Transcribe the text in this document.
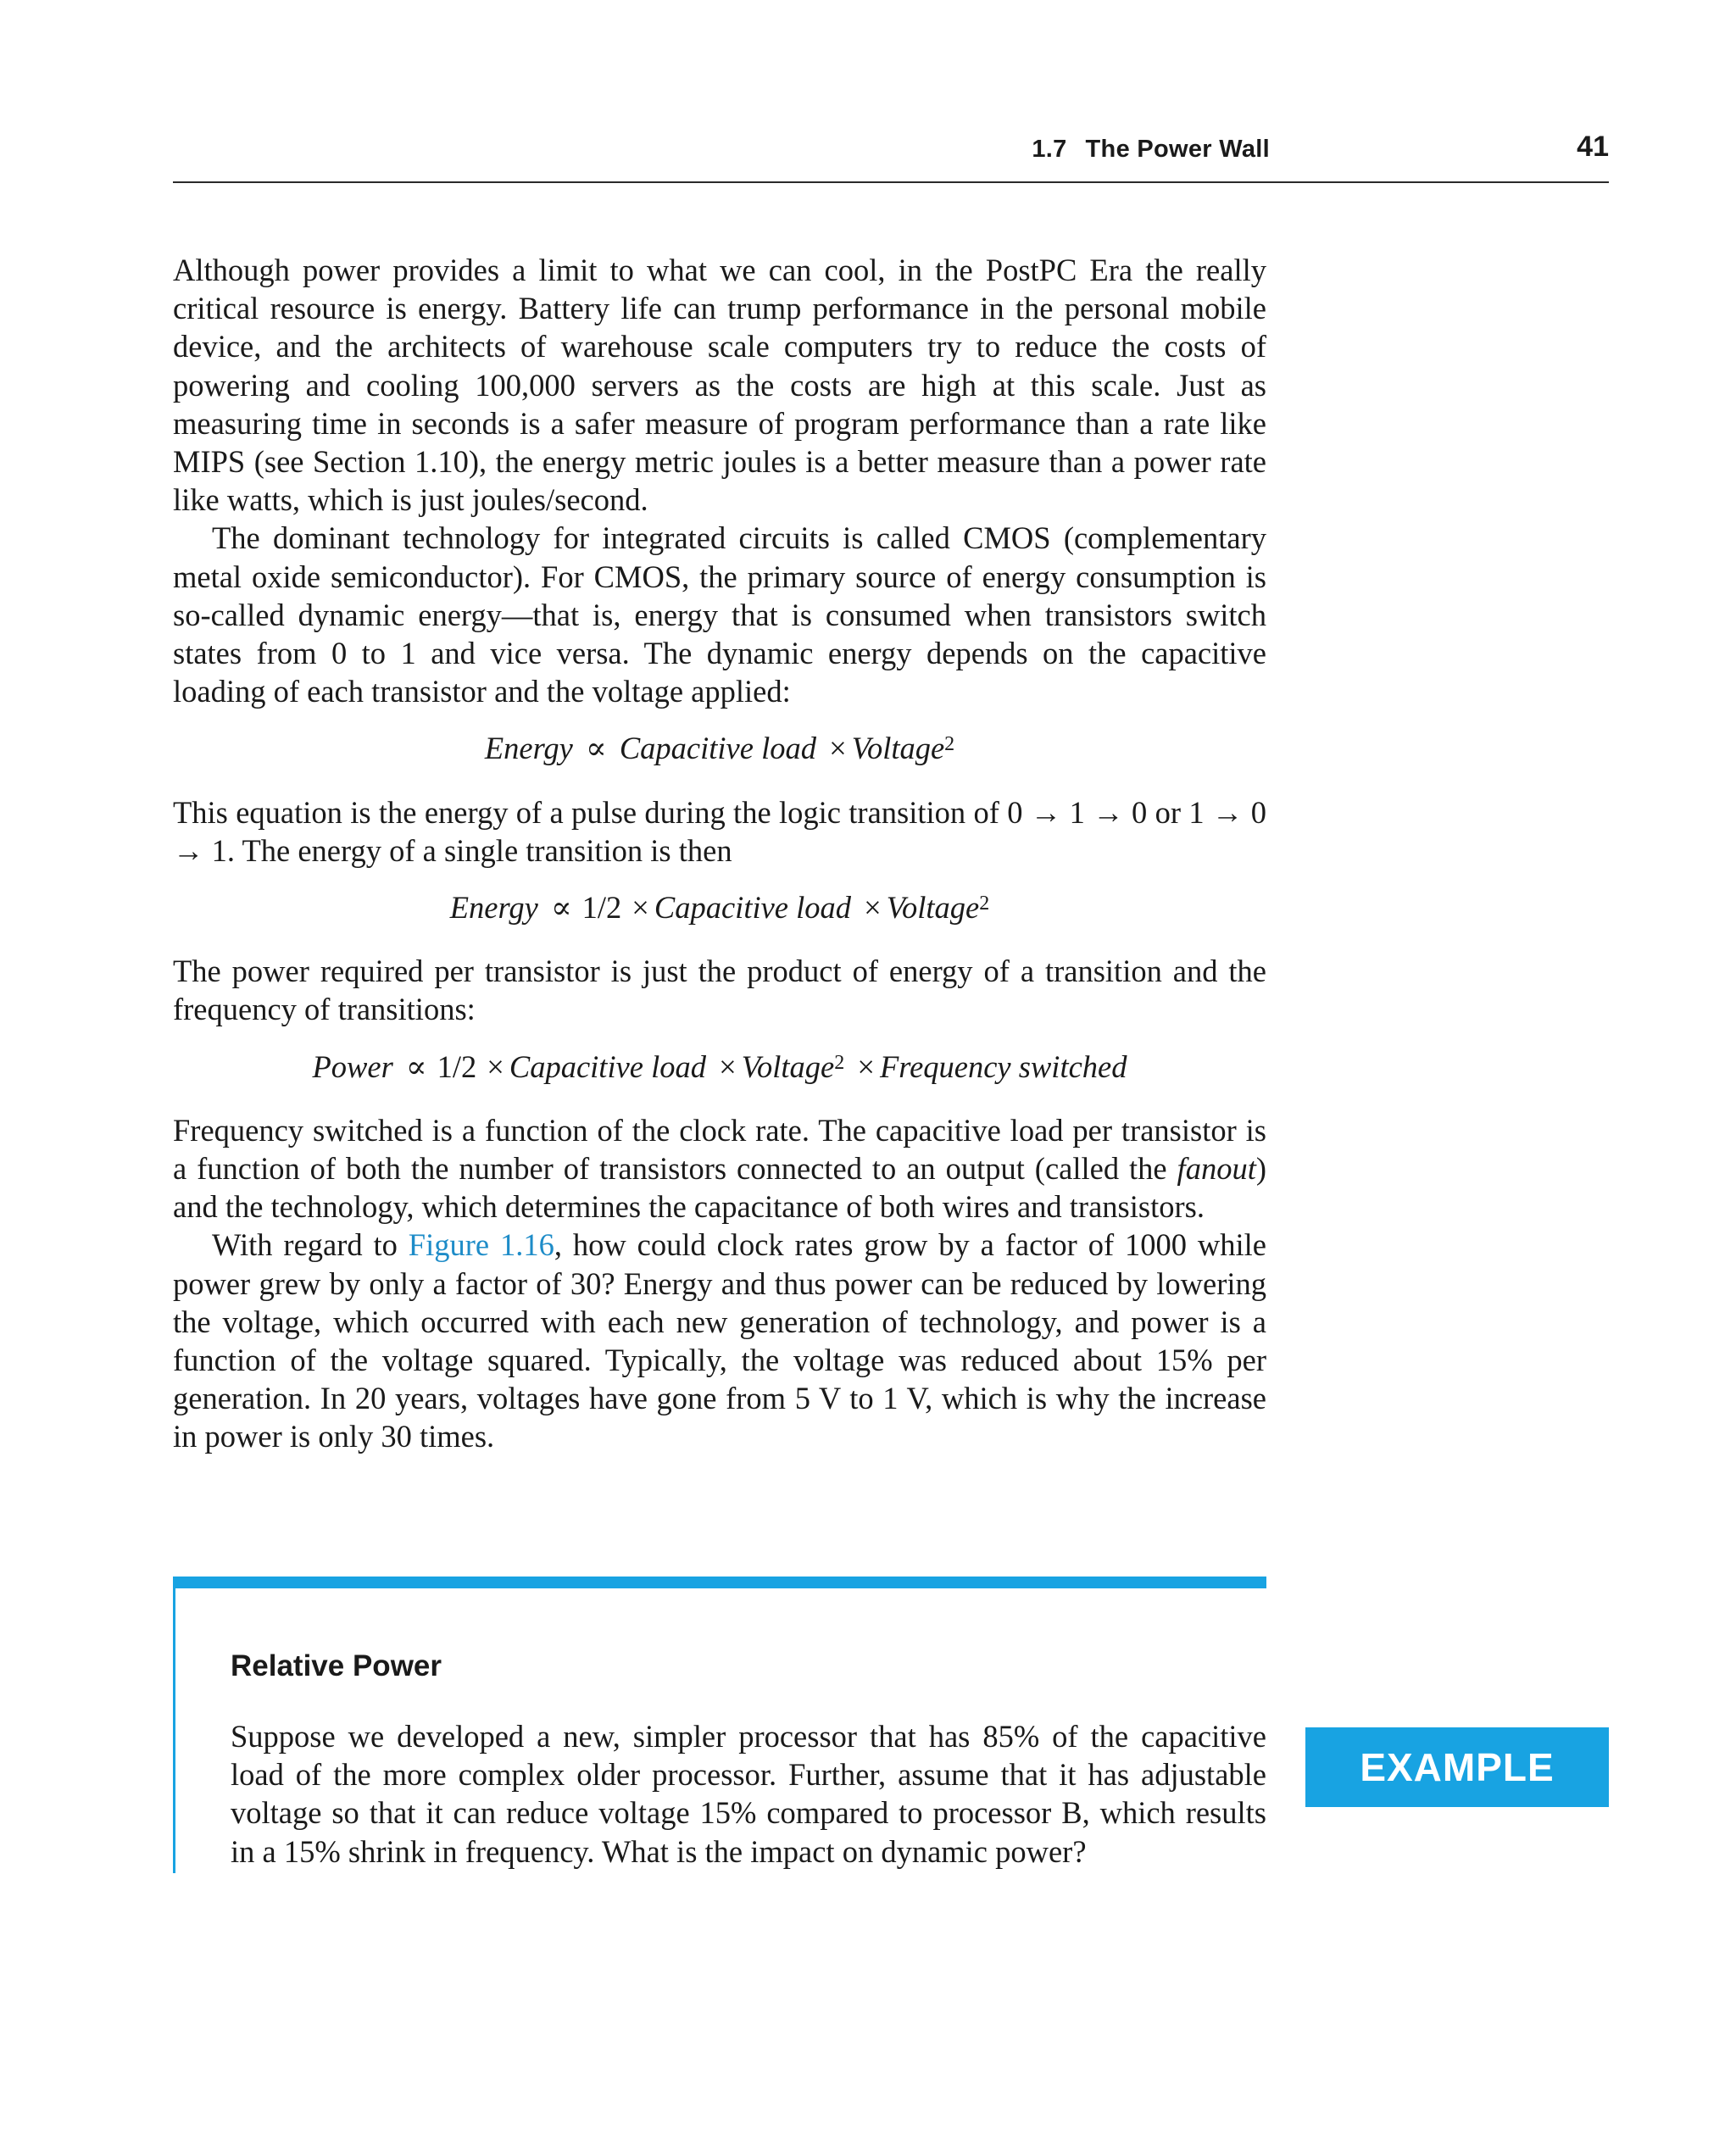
1.7 The Power Wall	41

Although power provides a limit to what we can cool, in the PostPC Era the really critical resource is energy. Battery life can trump performance in the personal mobile device, and the architects of warehouse scale computers try to reduce the costs of powering and cooling 100,000 servers as the costs are high at this scale. Just as measuring time in seconds is a safer measure of program performance than a rate like MIPS (see Section 1.10), the energy metric joules is a better measure than a power rate like watts, which is just joules/second.

The dominant technology for integrated circuits is called CMOS (complementary metal oxide semiconductor). For CMOS, the primary source of energy consumption is so-called dynamic energy—that is, energy that is consumed when transistors switch states from 0 to 1 and vice versa. The dynamic energy depends on the capacitive loading of each transistor and the voltage applied:

Energy ∝ Capacitive load × Voltage$^2$

This equation is the energy of a pulse during the logic transition of 0 → 1 → 0 or 1 → 0 → 1. The energy of a single transition is then

Energy ∝ 1/2 × Capacitive load × Voltage$^2$

The power required per transistor is just the product of energy of a transition and the frequency of transitions:

Power ∝ 1/2 × Capacitive load × Voltage$^2$ × Frequency switched

Frequency switched is a function of the clock rate. The capacitive load per transistor is a function of both the number of transistors connected to an output (called the fanout) and the technology, which determines the capacitance of both wires and transistors.

With regard to Figure 1.16, how could clock rates grow by a factor of 1000 while power grew by only a factor of 30? Energy and thus power can be reduced by lowering the voltage, which occurred with each new generation of technology, and power is a function of the voltage squared. Typically, the voltage was reduced about 15% per generation. In 20 years, voltages have gone from 5 V to 1 V, which is why the increase in power is only 30 times.

Relative Power

Suppose we developed a new, simpler processor that has 85% of the capacitive load of the more complex older processor. Further, assume that it has adjustable voltage so that it can reduce voltage 15% compared to processor B, which results in a 15% shrink in frequency. What is the impact on dynamic power?

EXAMPLE
